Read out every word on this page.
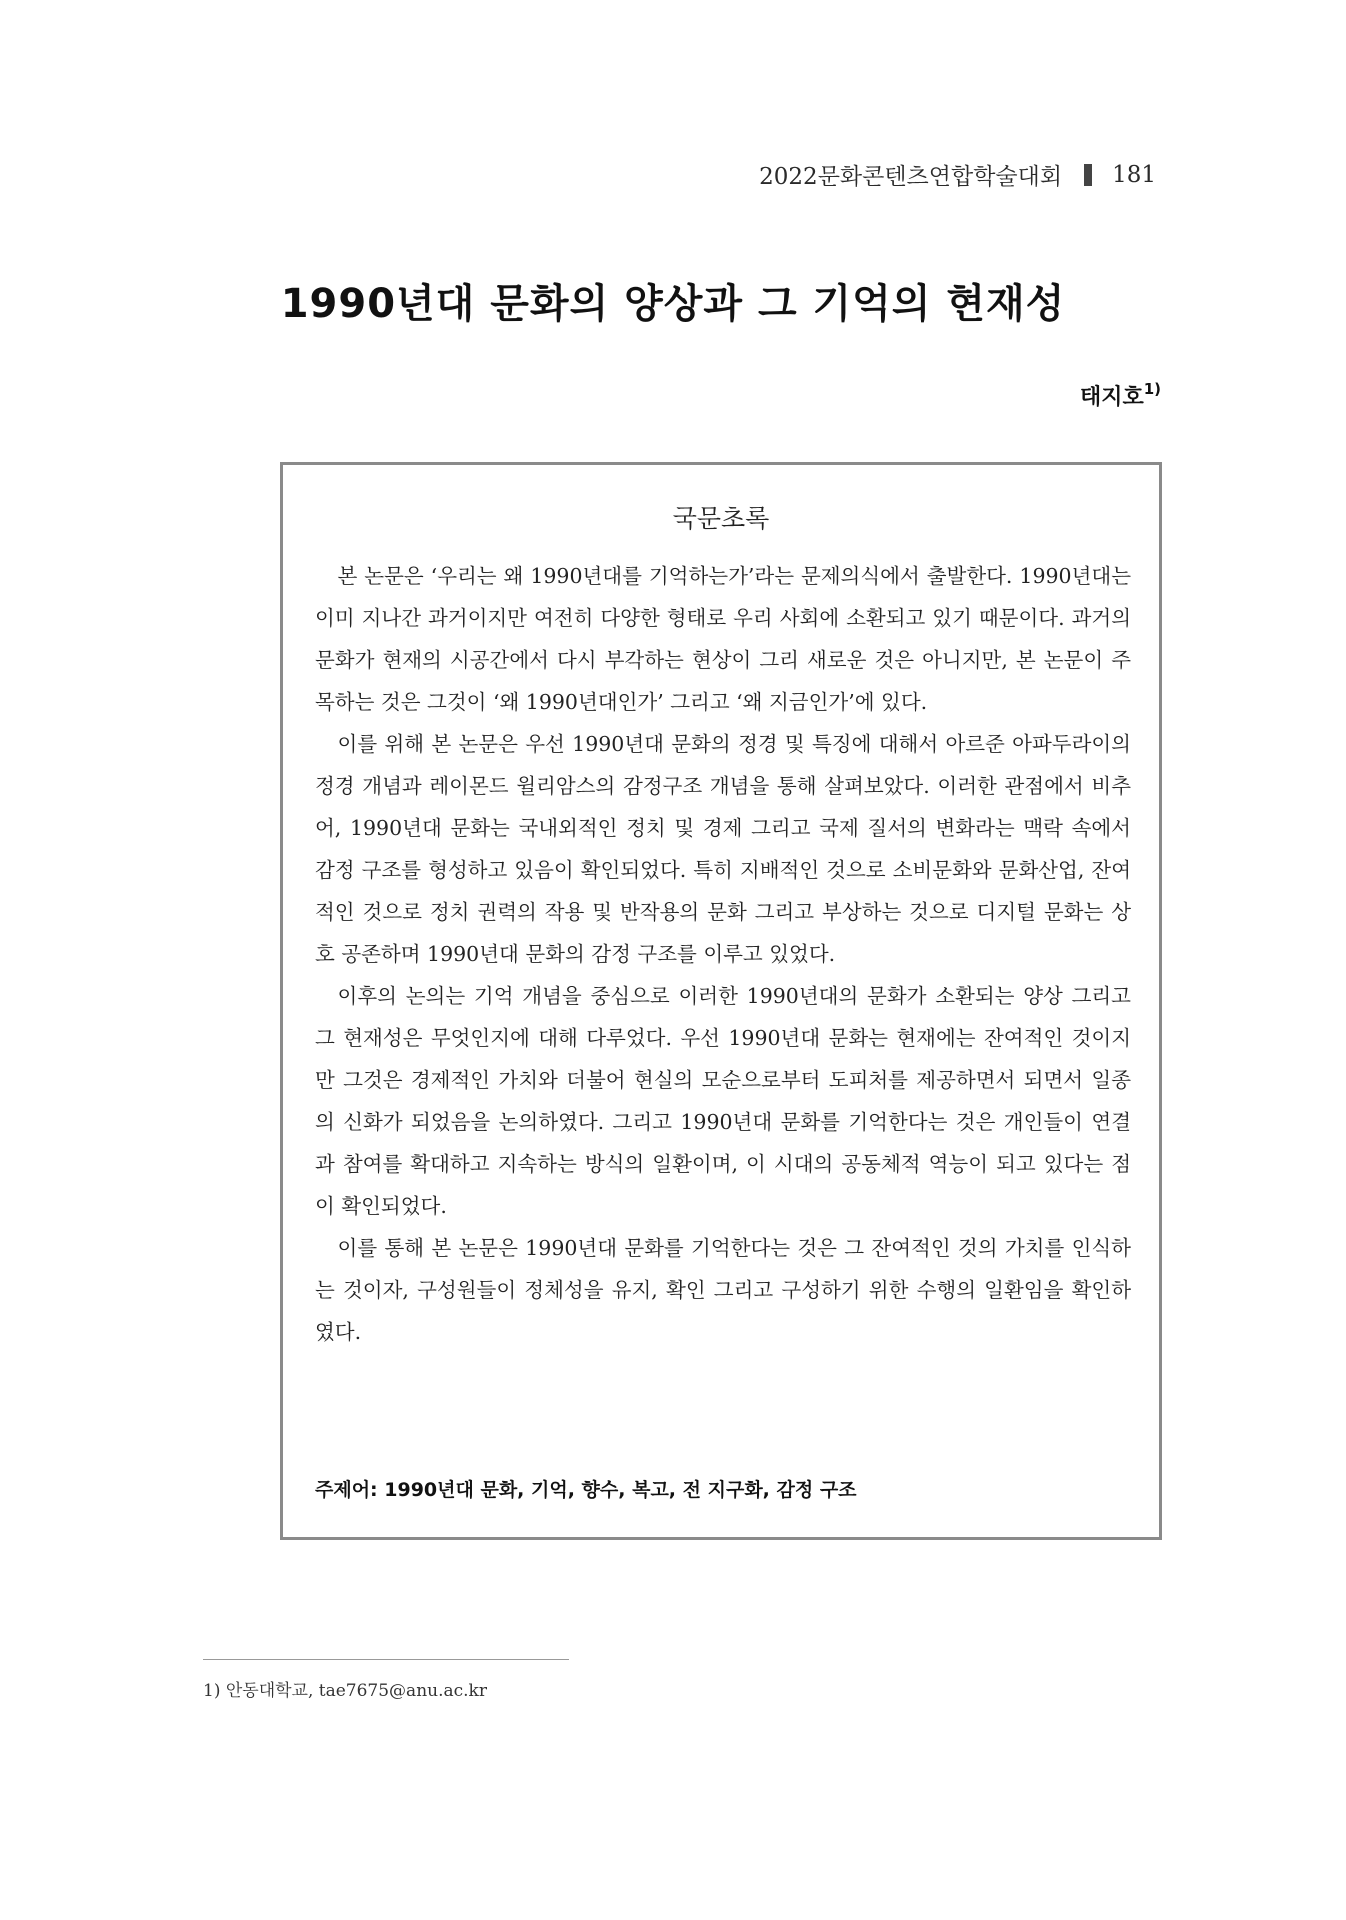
2022문화콘텐츠연합학술대회 181
1990년대 문화의 양상과 그 기억의 현재성
태지호$^{1)}$
국문초록

본 논문은 ‘우리는 왜 1990년대를 기억하는가’라는 문제의식에서 출발한다. 1990년대는 이미 지나간 과거이지만 여전히 다양한 형태로 우리 사회에 소환되고 있기 때문이다. 과거의 문화가 현재의 시공간에서 다시 부각하는 현상이 그리 새로운 것은 아니지만, 본 논문이 주목하는 것은 그것이 ‘왜 1990년대인가’ 그리고 ‘왜 지금인가’에 있다.

이를 위해 본 논문은 우선 1990년대 문화의 정경 및 특징에 대해서 아르준 아파두라이의 정경 개념과 레이몬드 윌리암스의 감정구조 개념을 통해 살펴보았다. 이러한 관점에서 비추어, 1990년대 문화는 국내외적인 정치 및 경제 그리고 국제 질서의 변화라는 맥락 속에서 감정 구조를 형성하고 있음이 확인되었다. 특히 지배적인 것으로 소비문화와 문화산업, 잔여적인 것으로 정치 권력의 작용 및 반작용의 문화 그리고 부상하는 것으로 디지털 문화는 상호 공존하며 1990년대 문화의 감정 구조를 이루고 있었다.

이후의 논의는 기억 개념을 중심으로 이러한 1990년대의 문화가 소환되는 양상 그리고 그 현재성은 무엇인지에 대해 다루었다. 우선 1990년대 문화는 현재에는 잔여적인 것이지만 그것은 경제적인 가치와 더불어 현실의 모순으로부터 도피처를 제공하면서 되면서 일종의 신화가 되었음을 논의하였다. 그리고 1990년대 문화를 기억한다는 것은 개인들이 연결과 참여를 확대하고 지속하는 방식의 일환이며, 이 시대의 공동체적 역능이 되고 있다는 점이 확인되었다.

이를 통해 본 논문은 1990년대 문화를 기억한다는 것은 그 잔여적인 것의 가치를 인식하는 것이자, 구성원들이 정체성을 유지, 확인 그리고 구성하기 위한 수행의 일환임을 확인하였다.

주제어: 1990년대 문화, 기억, 향수, 복고, 전 지구화, 감정 구조
1) 안동대학교, tae7675@anu.ac.kr
